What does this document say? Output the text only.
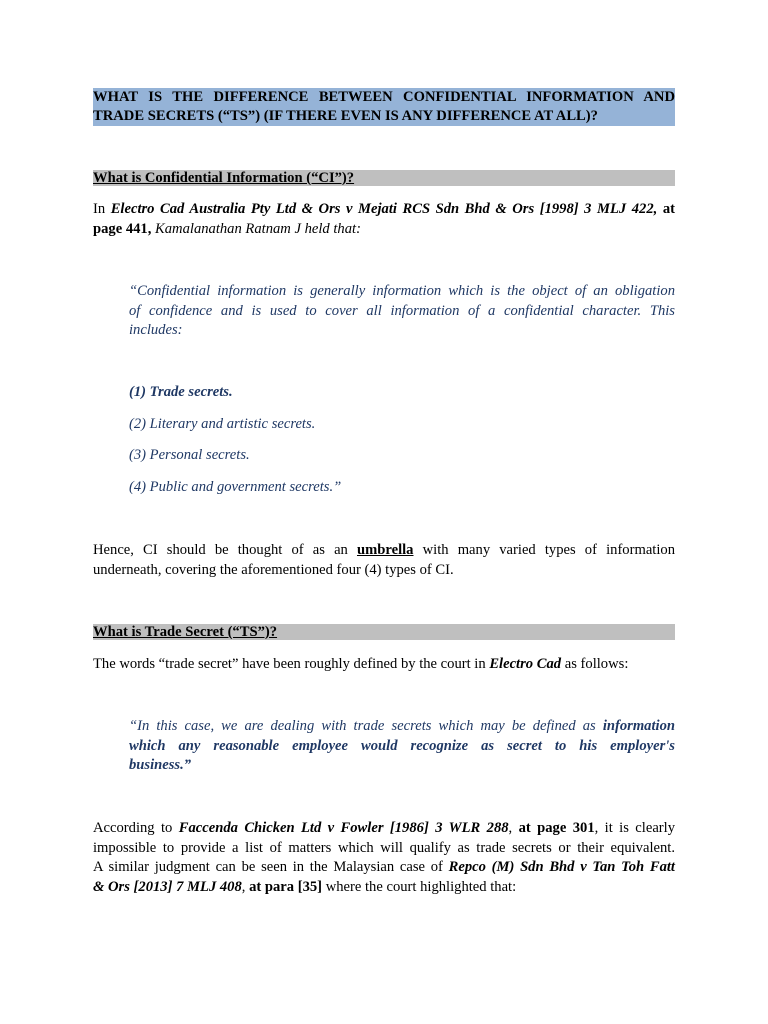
WHAT IS THE DIFFERENCE BETWEEN CONFIDENTIAL INFORMATION AND
TRADE SECRETS (“TS”) (IF THERE EVEN IS ANY DIFFERENCE AT ALL)?
What is Confidential Information (“CI”)?
In Electro Cad Australia Pty Ltd & Ors v Mejati RCS Sdn Bhd & Ors [1998] 3 MLJ 422, at
page 441, Kamalanathan Ratnam J held that:
“Confidential information is generally information which is the object of an obligation
of confidence and is used to cover all information of a confidential character. This
includes:
(1) Trade secrets.
(2) Literary and artistic secrets.
(3) Personal secrets.
(4) Public and government secrets.”
Hence, CI should be thought of as an umbrella with many varied types of information
underneath, covering the aforementioned four (4) types of CI.
What is Trade Secret (“TS”)?
The words “trade secret” have been roughly defined by the court in Electro Cad as follows:
“In this case, we are dealing with trade secrets which may be defined as information
which any reasonable employee would recognize as secret to his employer's
business.”
According to Faccenda Chicken Ltd v Fowler [1986] 3 WLR 288, at page 301, it is clearly
impossible to provide a list of matters which will qualify as trade secrets or their equivalent.
A similar judgment can be seen in the Malaysian case of Repco (M) Sdn Bhd v Tan Toh Fatt
& Ors [2013] 7 MLJ 408, at para [35] where the court highlighted that:
